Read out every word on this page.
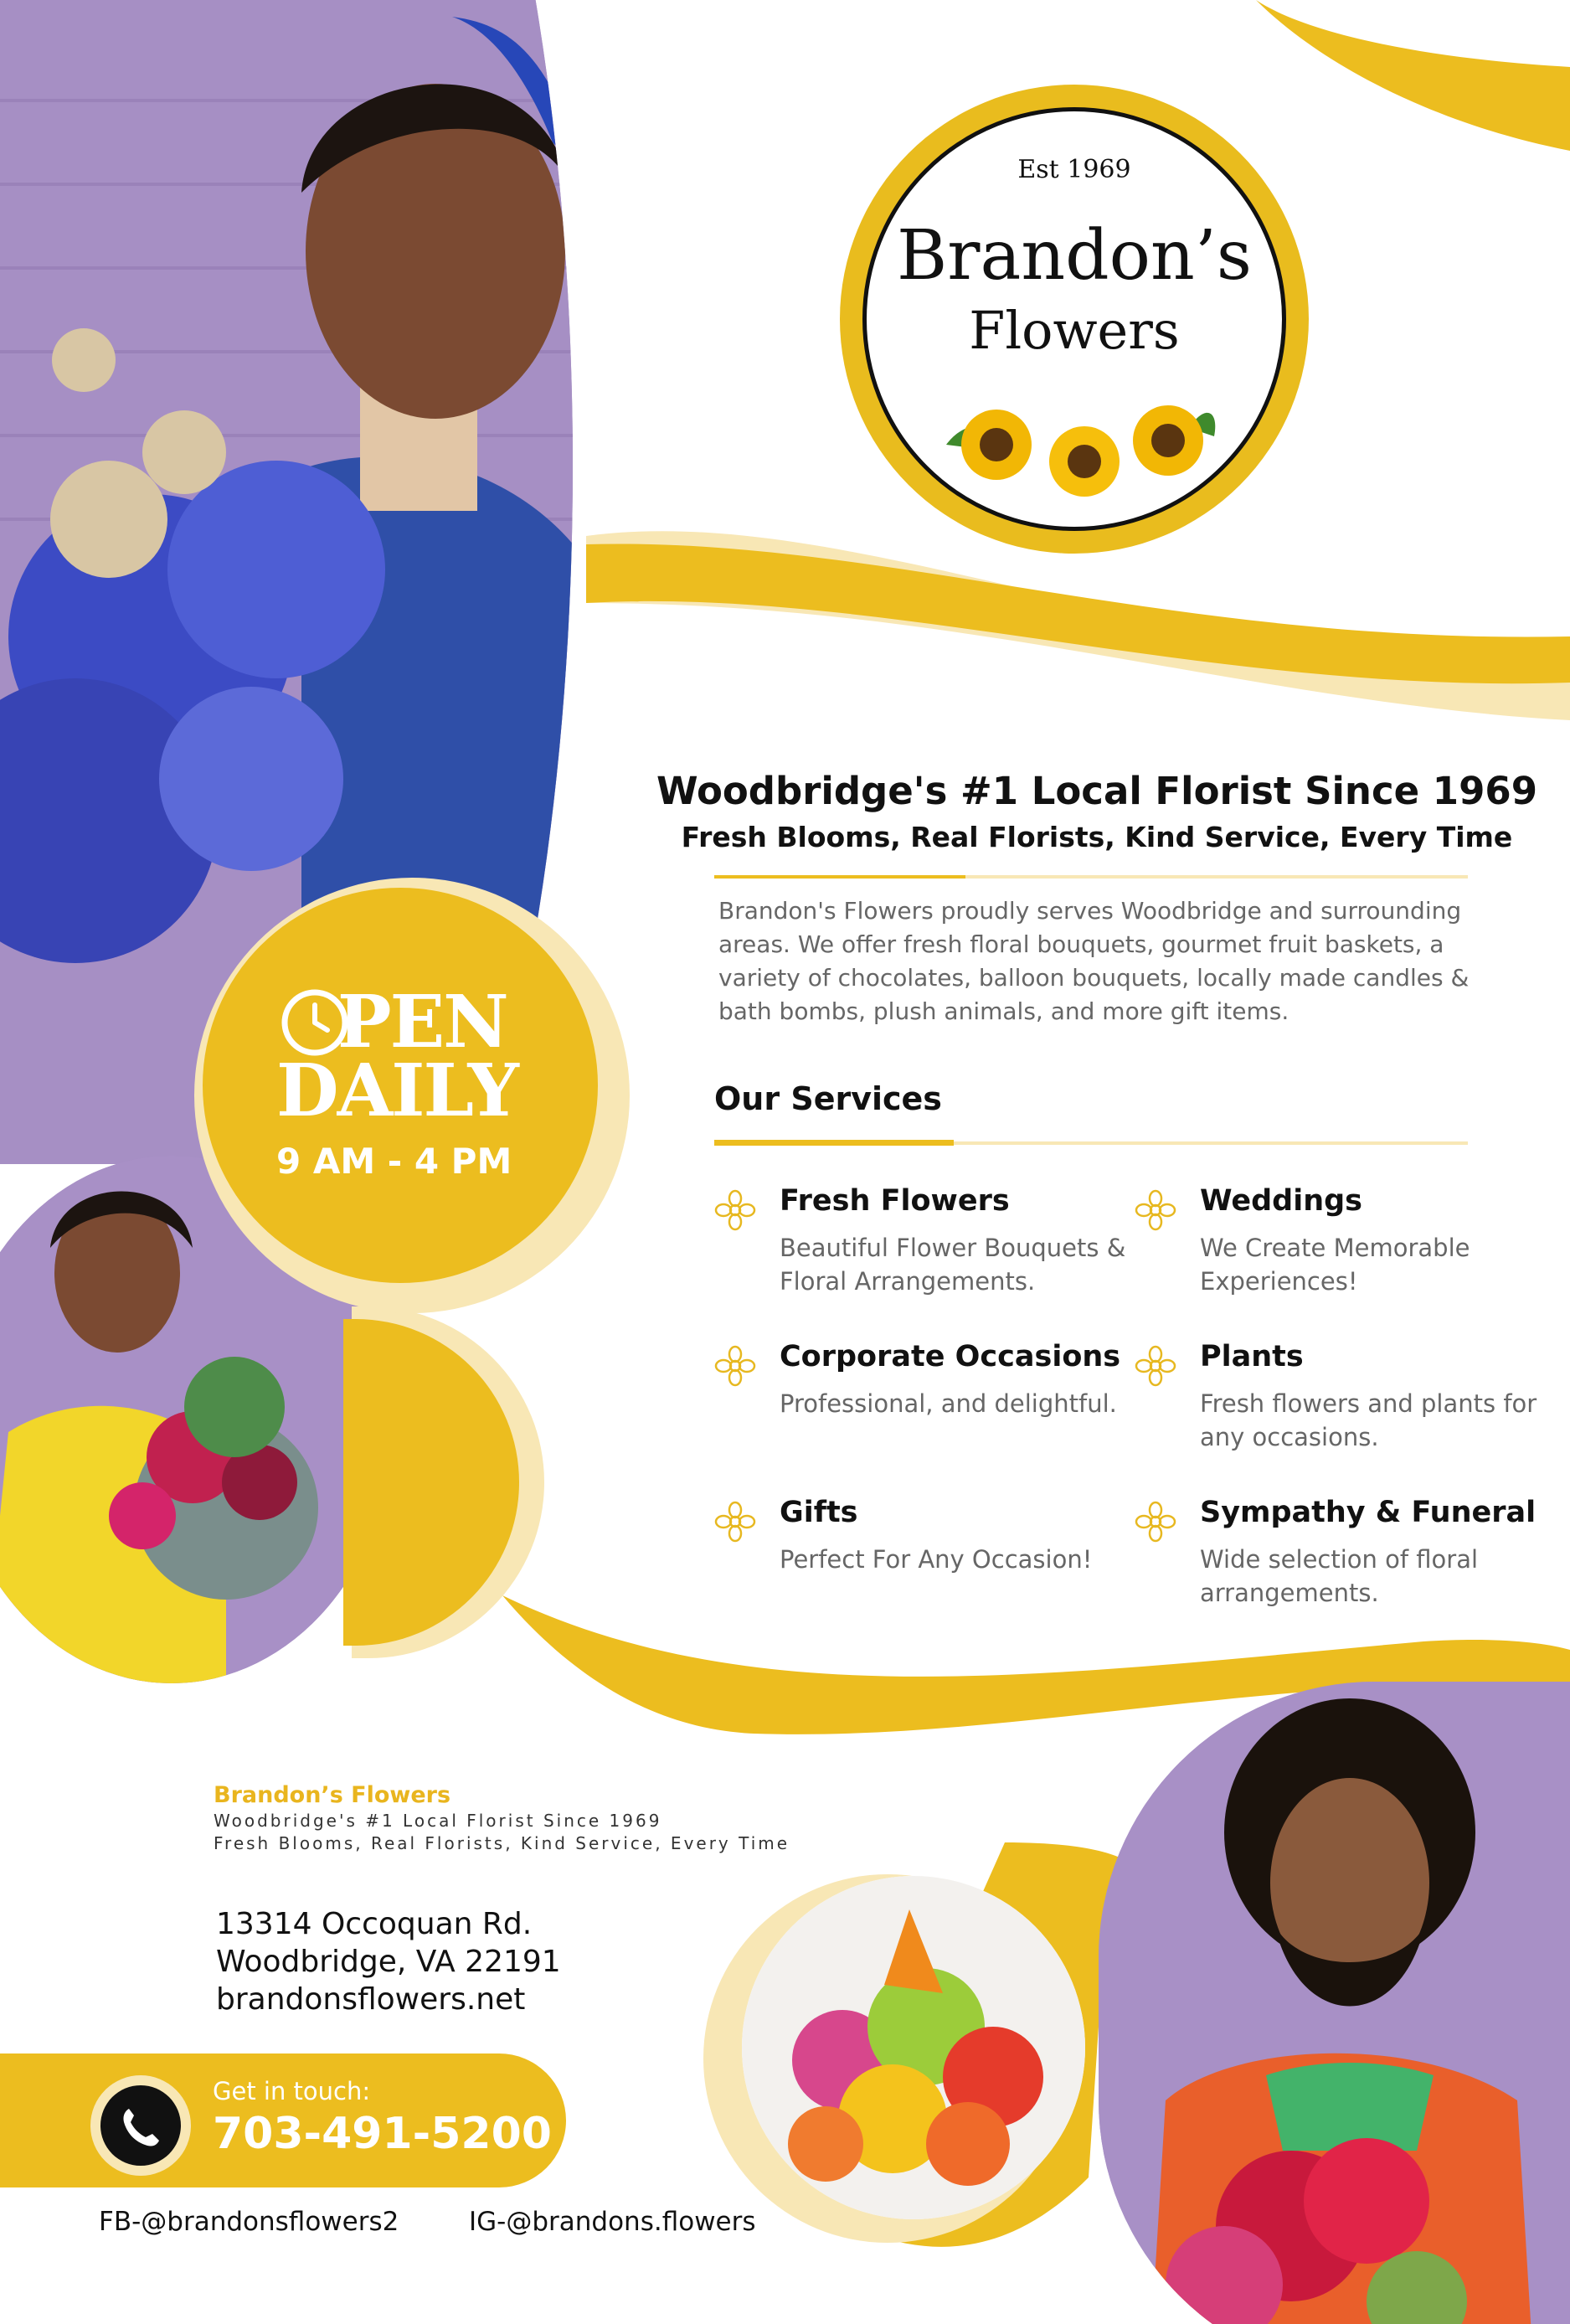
PEN
DAILY
9 AM - 4 PM
Est 1969
Brandon’s
Flowers
Woodbridge's #1 Local Florist Since 1969
Fresh Blooms, Real Florists, Kind Service, Every Time
Brandon's Flowers proudly serves Woodbridge and surrounding areas. We offer fresh floral bouquets, gourmet fruit baskets, a variety of chocolates, balloon bouquets, locally made candles & bath bombs, plush animals, and more gift items.
Our Services
Fresh Flowers
Beautiful Flower Bouquets & Floral Arrangements.
Weddings
We Create Memorable Experiences!
Corporate Occasions
Professional, and delightful.
Plants
Fresh flowers and plants for any occasions.
Gifts
Perfect For Any Occasion!
Sympathy & Funeral
Wide selection of floral arrangements.
Brandon’s Flowers
Woodbridge's #1 Local Florist Since 1969
Fresh Blooms, Real Florists, Kind Service, Every Time
13314 Occoquan Rd.
Woodbridge, VA 22191
brandonsflowers.net
Get in touch:
703-491-5200
FB-@brandonsflowers2	IG-@brandons.flowers
